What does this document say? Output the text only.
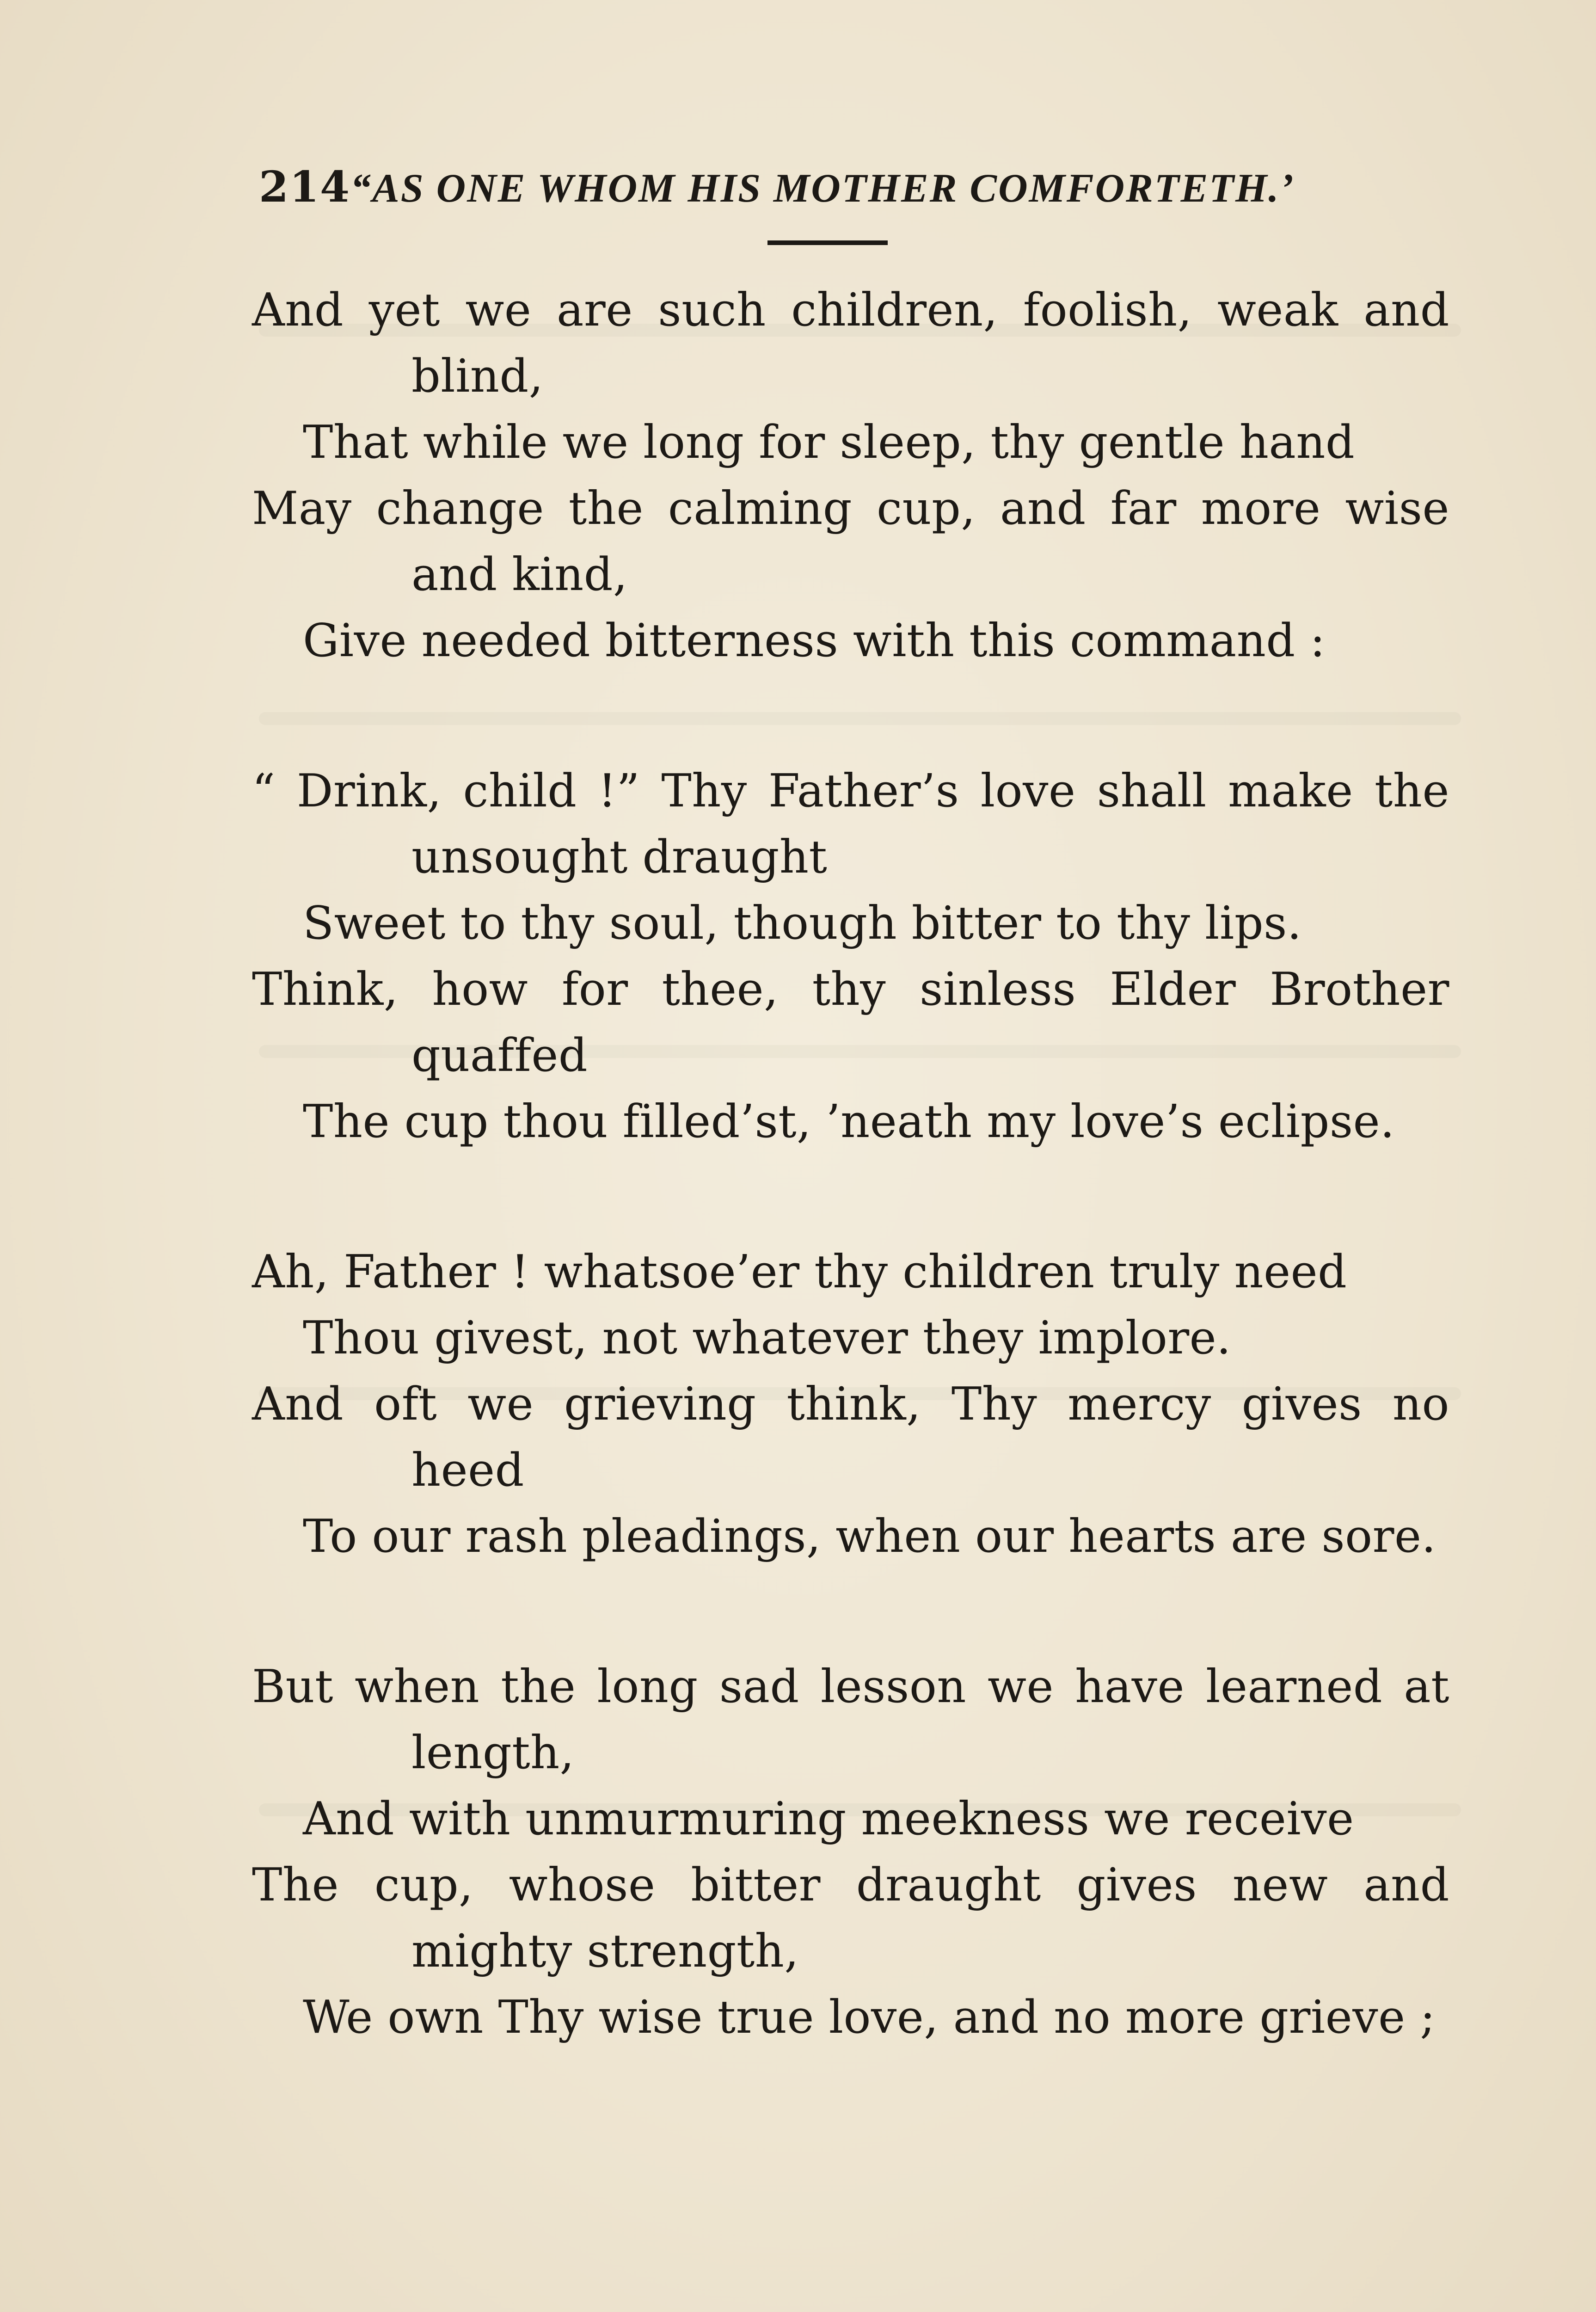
214“AS ONE WHOM HIS MOTHER COMFORTETH.’
And yet we are such children, foolish, weak and
blind,
That while we long for sleep, thy gentle hand
May change the calming cup, and far more wise
and kind,
Give needed bitterness with this command :
“ Drink, child !” Thy Father’s love shall make the
unsought draught
Sweet to thy soul, though bitter to thy lips.
Think, how for thee, thy sinless Elder Brother
quaffed
The cup thou filled’st, ’neath my love’s eclipse.
Ah, Father ! whatsoe’er thy children truly need
Thou givest, not whatever they implore.
And oft we grieving think, Thy mercy gives no
heed
To our rash pleadings, when our hearts are sore.
But when the long sad lesson we have learned at
length,
And with unmurmuring meekness we receive
The cup, whose bitter draught gives new and
mighty strength,
We own Thy wise true love, and no more grieve ;
